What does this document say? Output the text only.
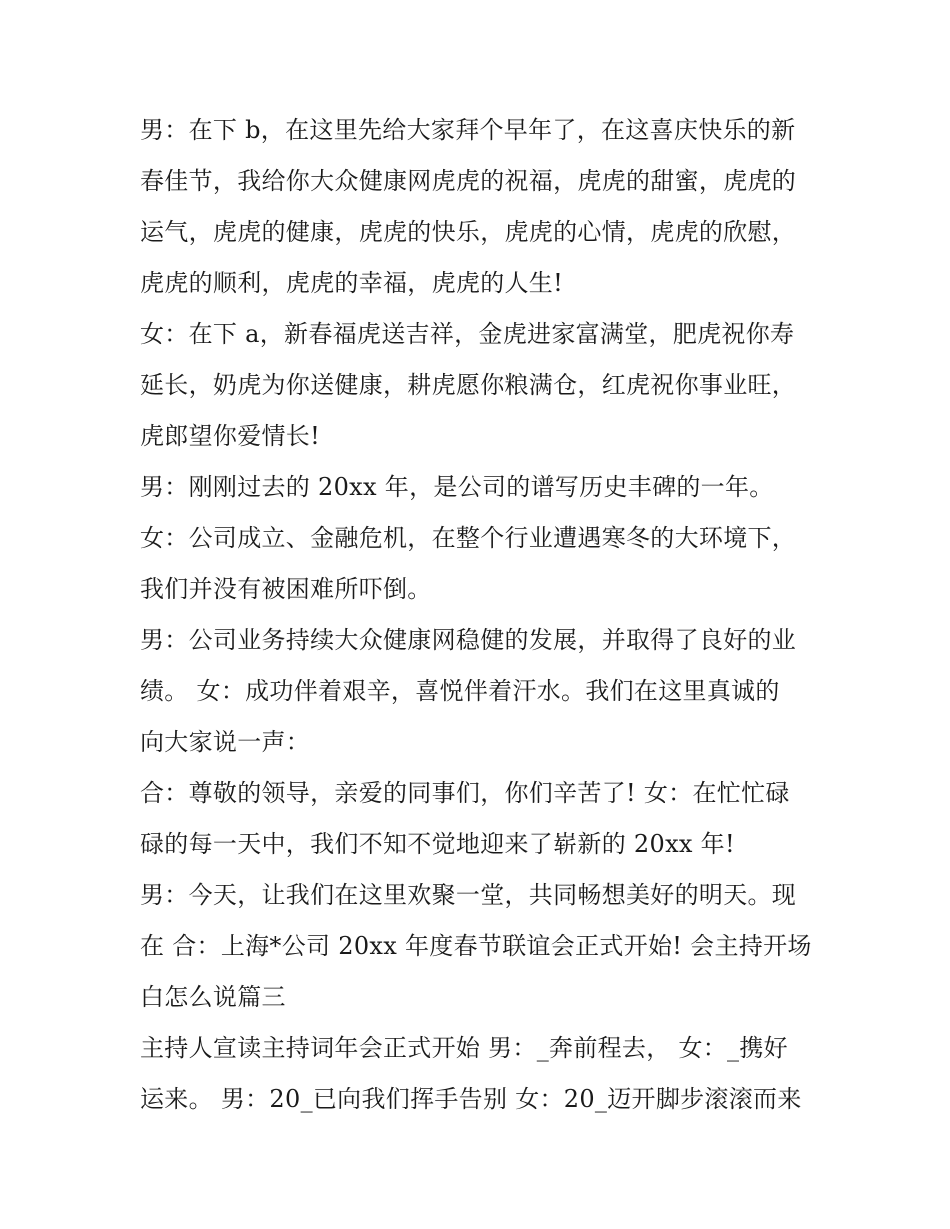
男：在下 b，在这里先给大家拜个早年了，在这喜庆快乐的新
春佳节，我给你大众健康网虎虎的祝福，虎虎的甜蜜，虎虎的
运气，虎虎的健康，虎虎的快乐，虎虎的心情，虎虎的欣慰，
虎虎的顺利，虎虎的幸福，虎虎的人生!
女：在下 a，新春福虎送吉祥，金虎进家富满堂，肥虎祝你寿
延长，奶虎为你送健康，耕虎愿你粮满仓，红虎祝你事业旺，
虎郎望你爱情长!
男：刚刚过去的 20xx 年，是公司的谱写历史丰碑的一年。
女：公司成立、金融危机，在整个行业遭遇寒冬的大环境下，
我们并没有被困难所吓倒。
男：公司业务持续大众健康网稳健的发展，并取得了良好的业
绩。 女：成功伴着艰辛，喜悦伴着汗水。我们在这里真诚的
向大家说一声：
合：尊敬的领导，亲爱的同事们，你们辛苦了! 女：在忙忙碌
碌的每一天中，我们不知不觉地迎来了崭新的 20xx 年!
男：今天，让我们在这里欢聚一堂，共同畅想美好的明天。现
在 合：上海*公司 20xx 年度春节联谊会正式开始! 会主持开场
白怎么说篇三
主持人宣读主持词年会正式开始 男：_奔前程去， 女：_携好
运来。 男：20_已向我们挥手告别 女：20_迈开脚步滚滚而来
